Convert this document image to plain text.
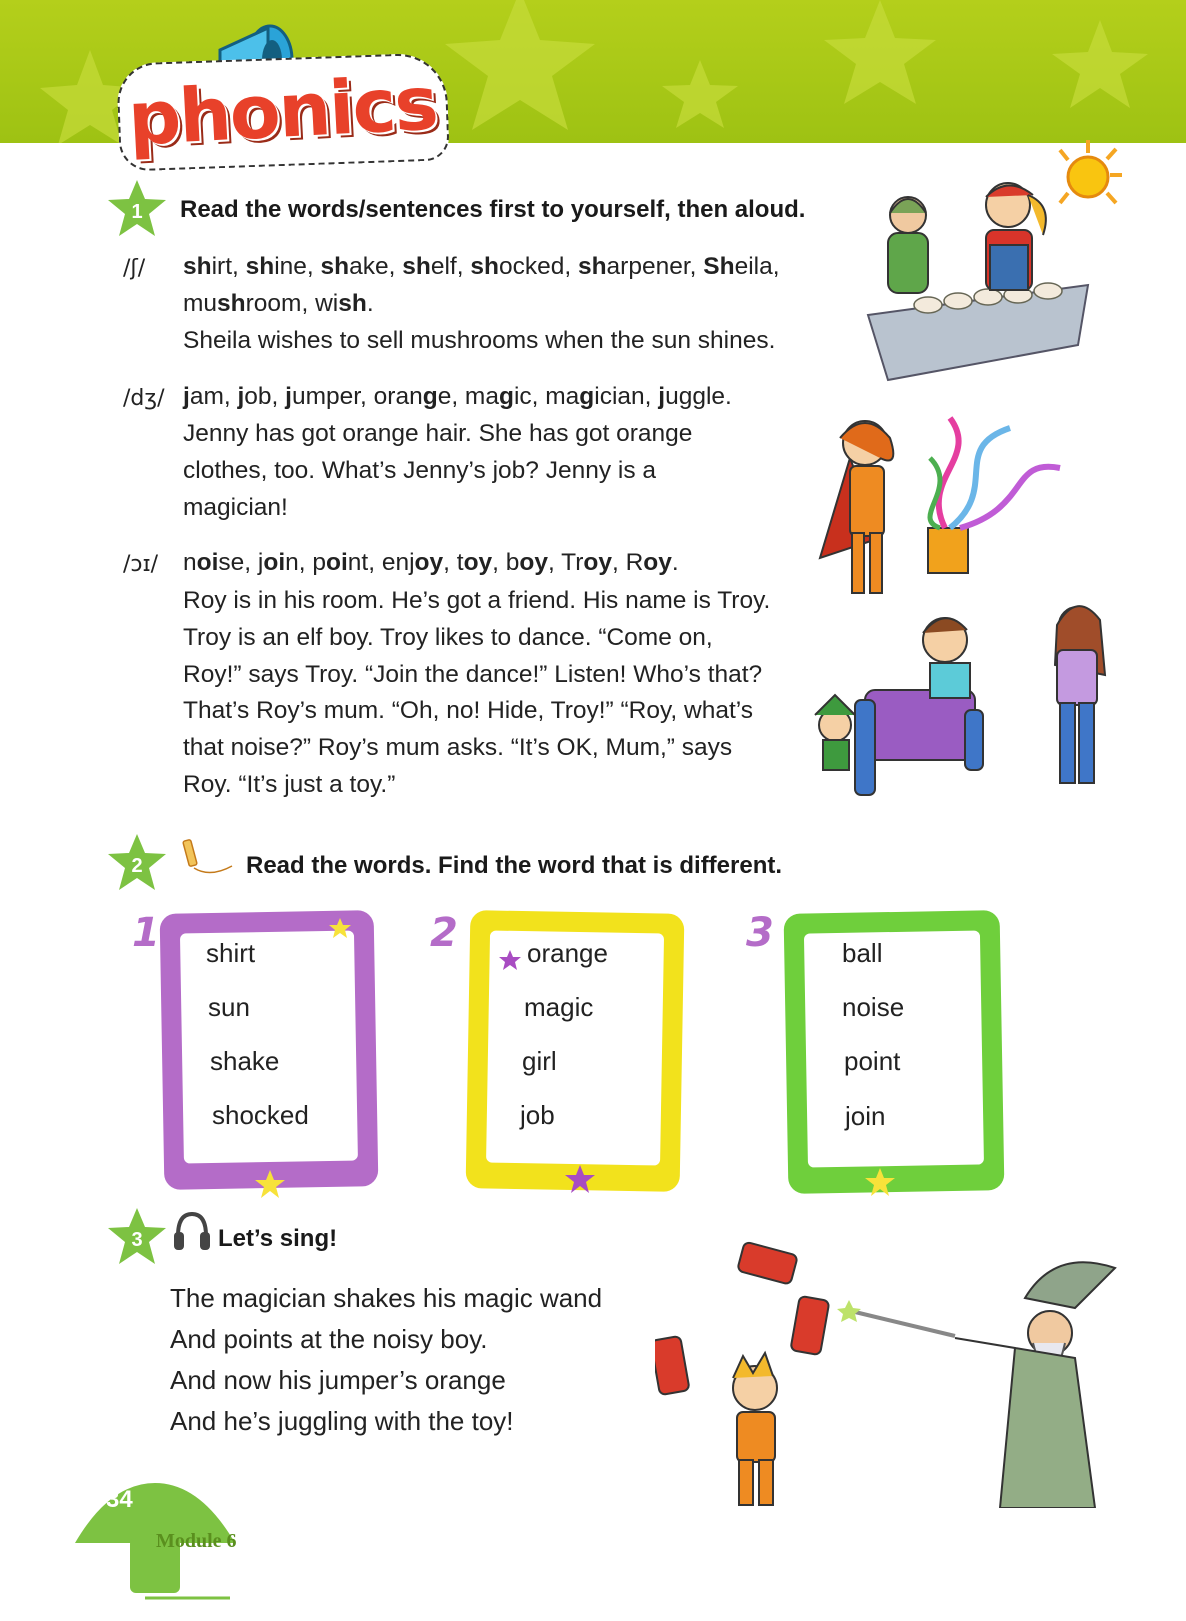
phonics
1 Read the words/sentences first to yourself, then aloud.
/ʃ/ shirt, shine, shake, shelf, shocked, sharpener, Sheila,
mushroom, wish.
Sheila wishes to sell mushrooms when the sun shines.
/dʒ/ jam, job, jumper, orange, magic, magician, juggle.
Jenny has got orange hair. She has got orange
clothes, too. What’s Jenny’s job? Jenny is a
magician!
/ɔɪ/ noise, join, point, enjoy, toy, boy, Troy, Roy.
Roy is in his room. He’s got a friend. His name is Troy.
Troy is an elf boy. Troy likes to dance. “Come on,
Roy!” says Troy. “Join the dance!” Listen! Who’s that?
That’s Roy’s mum. “Oh, no! Hide, Troy!” “Roy, what’s
that noise?” Roy’s mum asks. “It’s OK, Mum,” says
Roy. “It’s just a toy.”
2	Read the words. Find the word that is different.
1 shirt
sun
shake
shocked
2	orange
magic
girl
job
3	ball
noise
point
join
3	Let’s sing!
The magician shakes his magic wand
And points at the noisy boy.
And now his jumper’s orange
And he’s juggling with the toy!
34
Module 6
